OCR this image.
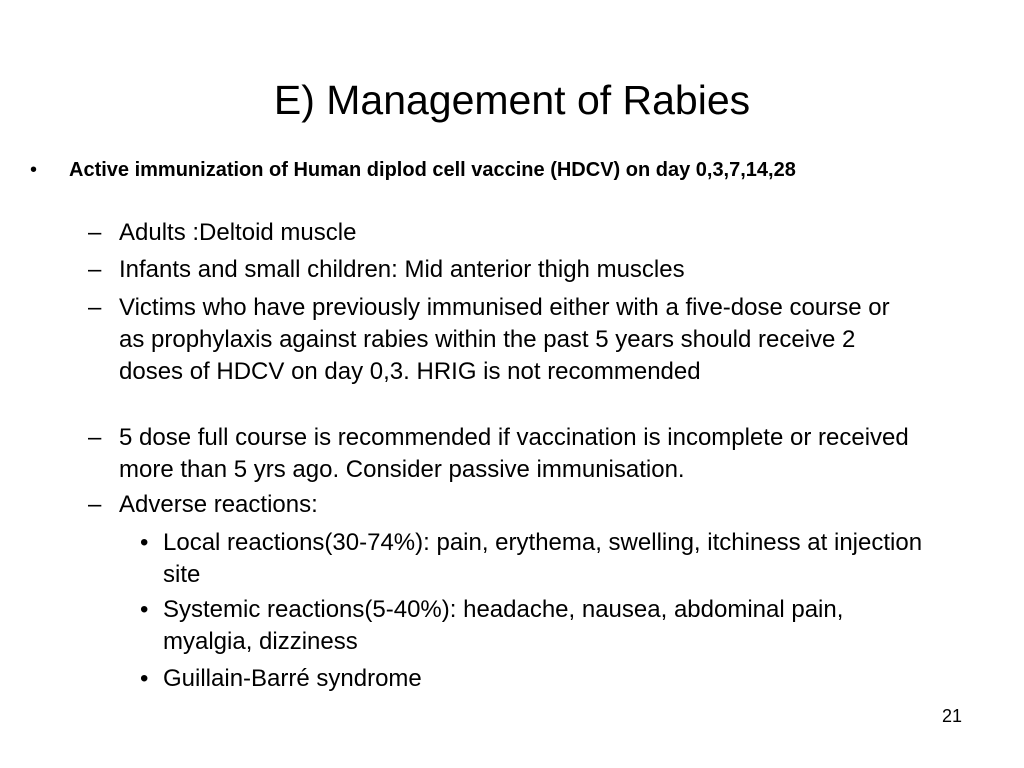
E) Management of Rabies
• Active immunization of Human diplod cell vaccine (HDCV) on day 0,3,7,14,28
– Adults :Deltoid muscle
– Infants and small children: Mid anterior thigh muscles
– Victims who have previously immunised either with a five-dose course or as prophylaxis against rabies within the past 5 years should receive 2 doses of HDCV on day 0,3. HRIG is not recommended
– 5 dose full course is recommended if vaccination is incomplete or received more than 5 yrs ago. Consider passive immunisation.
– Adverse reactions:
• Local reactions(30-74%): pain, erythema, swelling, itchiness at injection site
• Systemic reactions(5-40%): headache, nausea, abdominal pain, myalgia, dizziness
• Guillain-Barré syndrome
21
